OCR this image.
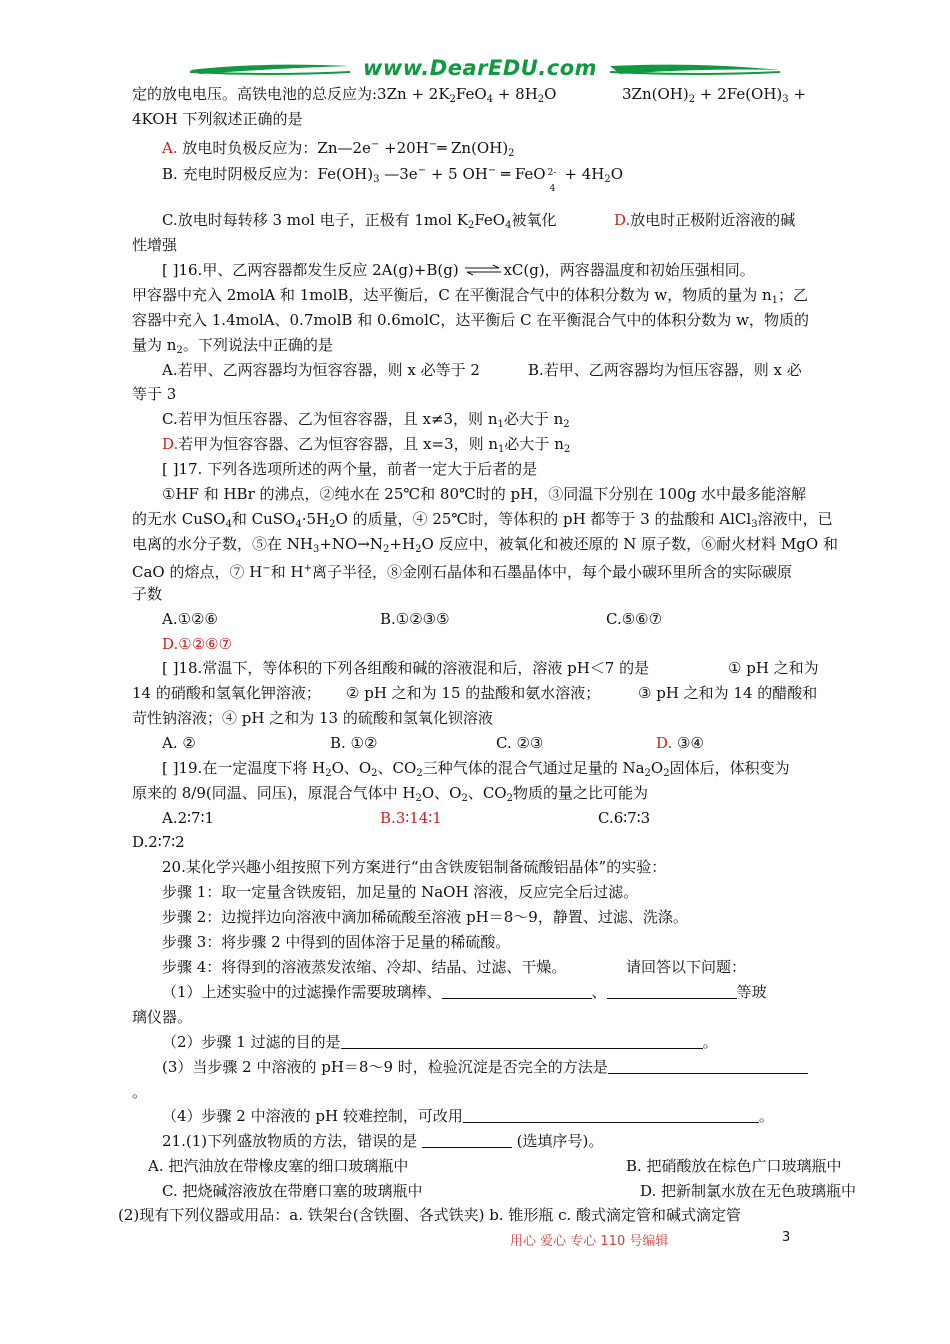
www.DearEDU.com
定的放电电压。高铁电池的总反应为:3Zn + $2K_2FeO_4 + 8H_2O$	$3Zn(OH)_2 + 2Fe(OH)_3$ +
4KOH 下列叙述正确的是
A. 放电时负极反应为：Zn—2e− +20H−═ $Zn(OH)_2$
B. 充电时阴极反应为：$Fe(OH)_3$ —3e− + 5 OH− ═ FeO 2-
4
+ $4H_2O$
C.放电时每转移 3 mol 电子，正极有 1mol $K_2FeO_4$被氧化	D.放电时正极附近溶液的碱
性增强
[ ]16.甲、乙两容器都发生反应 2A(g)+B(g) ⇌xC(g)，两容器温度和初始压强相同。
甲容器中充入 2molA 和 1molB，达平衡后，C 在平衡混合气中的体积分数为 w，物质的量为 $n_1$；乙
容器中充入 1.4molA、0.7molB 和 0.6molC，达平衡后 C 在平衡混合气中的体积分数为 w，物质的
量为 $n_2$。下列说法中正确的是
A.若甲、乙两容器均为恒容容器，则 x 必等于 2	B.若甲、乙两容器均为恒压容器，则 x 必
等于 3
C.若甲为恒压容器、乙为恒容容器，且 x≠3，则 $n_1$必大于 $n_2$
D.若甲为恒容容器、乙为恒容容器，且 x=3，则 $n_1$必大于 $n_2$
[ ]17. 下列各选项所述的两个量，前者一定大于后者的是
①HF 和 HBr 的沸点，②纯水在 25℃和 80℃时的 pH，③同温下分别在 100g 水中最多能溶解
的无水 CuSO$_4$和 $CuSO_4\cdot 5H_2O$ 的质量，④ 25℃时，等体积的 pH 都等于 3 的盐酸和 AlCl$_3$溶液中，已
电离的水分子数，⑤在 $NH_3+NO\to N_2+H_2O$ 反应中，被氧化和被还原的 N 原子数，⑥耐火材料 MgO 和
CaO 的熔点，⑦ H−和 H+离子半径，⑧金刚石晶体和石墨晶体中，每个最小碳环里所含的实际碳原
子数
A.①②⑥	B.①②③⑤	C.⑤⑥⑦
D.①②⑥⑦
[ ]18.常温下，等体积的下列各组酸和碱的溶液混和后，溶液 pH＜7 的是	① pH 之和为
14 的硝酸和氢氧化钾溶液； ② pH 之和为 15 的盐酸和氨水溶液；	③ pH 之和为 14 的醋酸和
苛性钠溶液；④ pH 之和为 13 的硫酸和氢氧化钡溶液
A. ②	B. ①②	C. ②③	D. ③④
[ ]19.在一定温度下将 $H_2O$、$O_2$、$CO_2$三种气体的混合气通过足量的 $Na_2O_2$固体后，体积变为
原来的 8/9(同温、同压)，原混合气体中 $H_2O$、$O_2$、$CO_2$物质的量之比可能为
A.2∶7∶1	B.3∶14∶1	C.6∶7∶3
D.2∶7∶2
20.某化学兴趣小组按照下列方案进行“由含铁废铝制备硫酸铝晶体”的实验：
步骤 1：取一定量含铁废铝，加足量的 NaOH 溶液，反应完全后过滤。
步骤 2：边搅拌边向溶液中滴加稀硫酸至溶液 pH＝8～9，静置、过滤、洗涤。
步骤 3：将步骤 2 中得到的固体溶于足量的稀硫酸。
步骤 4：将得到的溶液蒸发浓缩、冷却、结晶、过滤、干燥。	请回答以下问题：
（1）上述实验中的过滤操作需要玻璃棒、	、	等玻
璃仪器。
（2）步骤 1 过滤的目的是	。
(3）当步骤 2 中溶液的 pH＝8～9 时，检验沉淀是否完全的方法是
。
（4）步骤 2 中溶液的 pH 较难控制，可改用	。
21.(1)下列盛放物质的方法，错误的是	(选填序号)。
A. 把汽油放在带橡皮塞的细口玻璃瓶中	B. 把硝酸放在棕色广口玻璃瓶中
C. 把烧碱溶液放在带磨口塞的玻璃瓶中	D. 把新制氯水放在无色玻璃瓶中
(2)现有下列仪器或用品：a. 铁架台(含铁圈、各式铁夹) b. 锥形瓶 c. 酸式滴定管和碱式滴定管
用心 爱心 专心 110 号编辑	3
